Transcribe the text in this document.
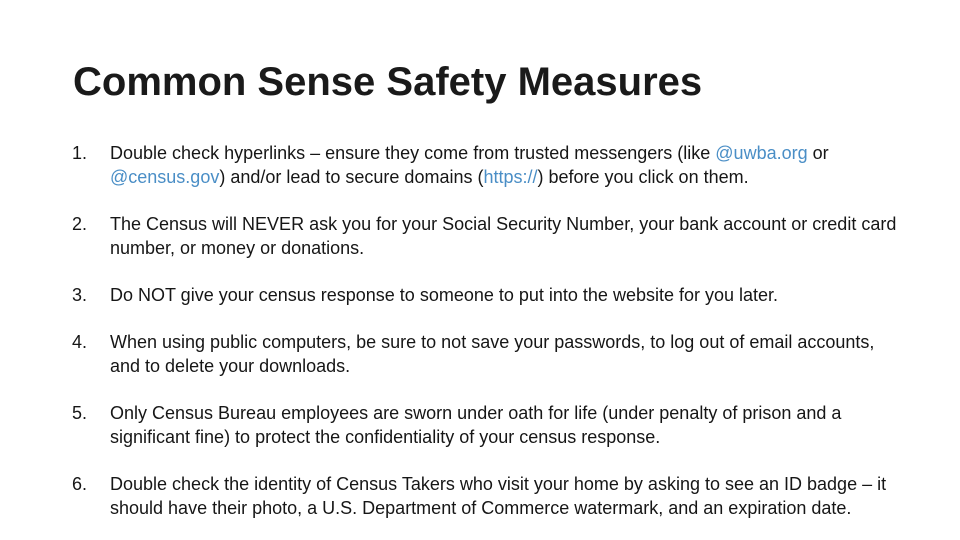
Common Sense Safety Measures
1.	Double check hyperlinks – ensure they come from trusted messengers (like @uwba.org or @census.gov) and/or lead to secure domains (https://) before you click on them.
2.	The Census will NEVER ask you for your Social Security Number, your bank account or credit card number, or money or donations.
3.	Do NOT give your census response to someone to put into the website for you later.
4.	When using public computers, be sure to not save your passwords, to log out of email accounts, and to delete your downloads.
5.	Only Census Bureau employees are sworn under oath for life (under penalty of prison and a significant fine) to protect the confidentiality of your census response.
6.	Double check the identity of Census Takers who visit your home by asking to see an ID badge – it should have their photo, a U.S. Department of Commerce watermark, and an expiration date.
